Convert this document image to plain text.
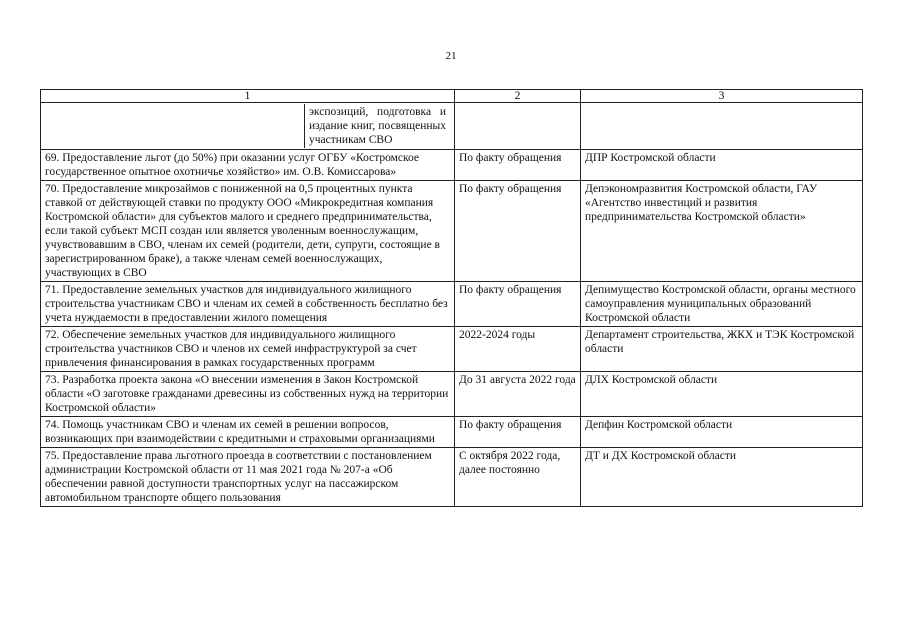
21
1	2	3

экспозиций, подготовка и издание книг, посвященных участникам СВО		

69. Предоставление льгот (до 50%) при оказании услуг ОГБУ «Костромское государственное опытное охотничье хозяйство» им. О.В. Комиссарова»	По факту обращения	ДПР Костромской области
70. Предоставление микрозаймов с пониженной на 0,5 процентных пункта ставкой от действующей ставки по продукту ООО «Микрокредитная компания Костромской области» для субъектов малого и среднего предпринимательства, если такой субъект МСП создан или является уволенным военнослужащим, учувствовавшим в СВО, членам их семей (родители, дети, супруги, состоящие в зарегистрированном браке), а также членам семей военнослужащих, участвующих в СВО	По факту обращения	Депэкономразвития Костромской области, ГАУ «Агентство инвестиций и развития предпринимательства Костромской области»
71. Предоставление земельных участков для индивидуального жилищного строительства участникам СВО и членам их семей в собственность бесплатно без учета нуждаемости в предоставлении жилого помещения	По факту обращения	Депимущество Костромской области, органы местного самоуправления муниципальных образований Костромской области
72. Обеспечение земельных участков для индивидуального жилищного строительства участников СВО и членов их семей инфраструктурой за счет привлечения финансирования в рамках государственных программ	2022-2024 годы	Департамент строительства, ЖКХ и ТЭК Костромской области
73. Разработка проекта закона «О внесении изменения в Закон Костромской области «О заготовке гражданами древесины из собственных нужд на территории Костромской области»	До 31 августа 2022 года	ДЛХ Костромской области
74. Помощь участникам СВО и членам их семей в решении вопросов, возникающих при взаимодействии с кредитными и страховыми организациями	По факту обращения	Депфин Костромской области
75. Предоставление права льготного проезда в соответствии с постановлением администрации Костромской области от 11 мая 2021 года № 207-а «Об обеспечении равной доступности транспортных услуг на пассажирском автомобильном транспорте общего пользования	С октября 2022 года, далее постоянно	ДТ и ДХ Костромской области
